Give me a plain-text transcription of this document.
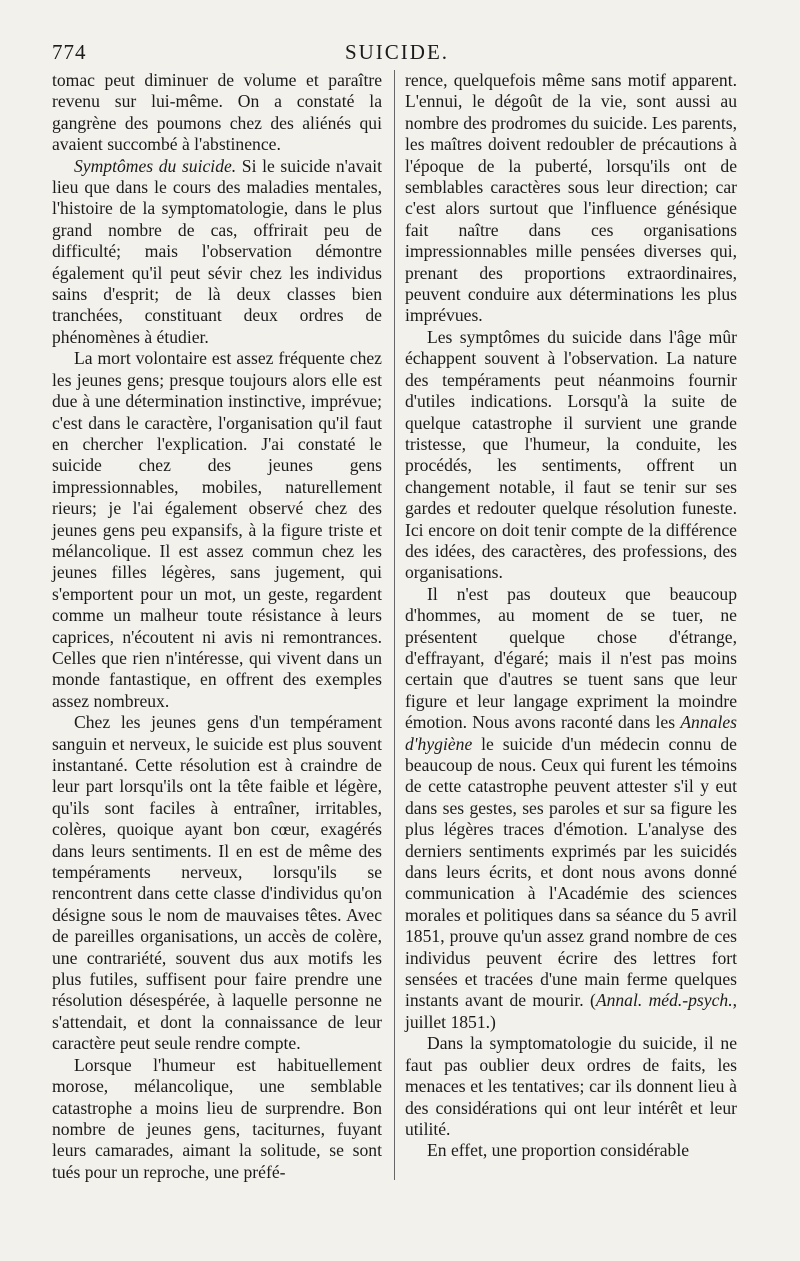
774	SUICIDE.

tomac peut diminuer de volume et paraître revenu sur lui-même. On a constaté la gangrène des poumons chez des aliénés qui avaient succombé à l'abstinence.

Symptômes du suicide. Si le suicide n'avait lieu que dans le cours des maladies mentales, l'histoire de la symptomatologie, dans le plus grand nombre de cas, offrirait peu de difficulté; mais l'observation démontre également qu'il peut sévir chez les individus sains d'esprit; de là deux classes bien tranchées, constituant deux ordres de phénomènes à étudier.

La mort volontaire est assez fréquente chez les jeunes gens; presque toujours alors elle est due à une détermination instinctive, imprévue; c'est dans le caractère, l'organisation qu'il faut en chercher l'explication. J'ai constaté le suicide chez des jeunes gens impressionnables, mobiles, naturellement rieurs; je l'ai également observé chez des jeunes gens peu expansifs, à la figure triste et mélancolique. Il est assez commun chez les jeunes filles légères, sans jugement, qui s'emportent pour un mot, un geste, regardent comme un malheur toute résistance à leurs caprices, n'écoutent ni avis ni remontrances. Celles que rien n'intéresse, qui vivent dans un monde fantastique, en offrent des exemples assez nombreux.

Chez les jeunes gens d'un tempérament sanguin et nerveux, le suicide est plus souvent instantané. Cette résolution est à craindre de leur part lorsqu'ils ont la tête faible et légère, qu'ils sont faciles à entraîner, irritables, colères, quoique ayant bon cœur, exagérés dans leurs sentiments. Il en est de même des tempéraments nerveux, lorsqu'ils se rencontrent dans cette classe d'individus qu'on désigne sous le nom de mauvaises têtes. Avec de pareilles organisations, un accès de colère, une contrariété, souvent dus aux motifs les plus futiles, suffisent pour faire prendre une résolution désespérée, à laquelle personne ne s'attendait, et dont la connaissance de leur caractère peut seule rendre compte.

Lorsque l'humeur est habituellement morose, mélancolique, une semblable catastrophe a moins lieu de surprendre. Bon nombre de jeunes gens, taciturnes, fuyant leurs camarades, aimant la solitude, se sont tués pour un reproche, une préfé-

rence, quelquefois même sans motif apparent. L'ennui, le dégoût de la vie, sont aussi au nombre des prodromes du suicide. Les parents, les maîtres doivent redoubler de précautions à l'époque de la puberté, lorsqu'ils ont de semblables caractères sous leur direction; car c'est alors surtout que l'influence génésique fait naître dans ces organisations impressionnables mille pensées diverses qui, prenant des proportions extraordinaires, peuvent conduire aux déterminations les plus imprévues.

Les symptômes du suicide dans l'âge mûr échappent souvent à l'observation. La nature des tempéraments peut néanmoins fournir d'utiles indications. Lorsqu'à la suite de quelque catastrophe il survient une grande tristesse, que l'humeur, la conduite, les procédés, les sentiments, offrent un changement notable, il faut se tenir sur ses gardes et redouter quelque résolution funeste. Ici encore on doit tenir compte de la différence des idées, des caractères, des professions, des organisations.

Il n'est pas douteux que beaucoup d'hommes, au moment de se tuer, ne présentent quelque chose d'étrange, d'effrayant, d'égaré; mais il n'est pas moins certain que d'autres se tuent sans que leur figure et leur langage expriment la moindre émotion. Nous avons raconté dans les Annales d'hygiène le suicide d'un médecin connu de beaucoup de nous. Ceux qui furent les témoins de cette catastrophe peuvent attester s'il y eut dans ses gestes, ses paroles et sur sa figure les plus légères traces d'émotion. L'analyse des derniers sentiments exprimés par les suicidés dans leurs écrits, et dont nous avons donné communication à l'Académie des sciences morales et politiques dans sa séance du 5 avril 1851, prouve qu'un assez grand nombre de ces individus peuvent écrire des lettres fort sensées et tracées d'une main ferme quelques instants avant de mourir. (Annal. méd.-psych., juillet 1851.)

Dans la symptomatologie du suicide, il ne faut pas oublier deux ordres de faits, les menaces et les tentatives; car ils donnent lieu à des considérations qui ont leur intérêt et leur utilité.

En effet, une proportion considérable
